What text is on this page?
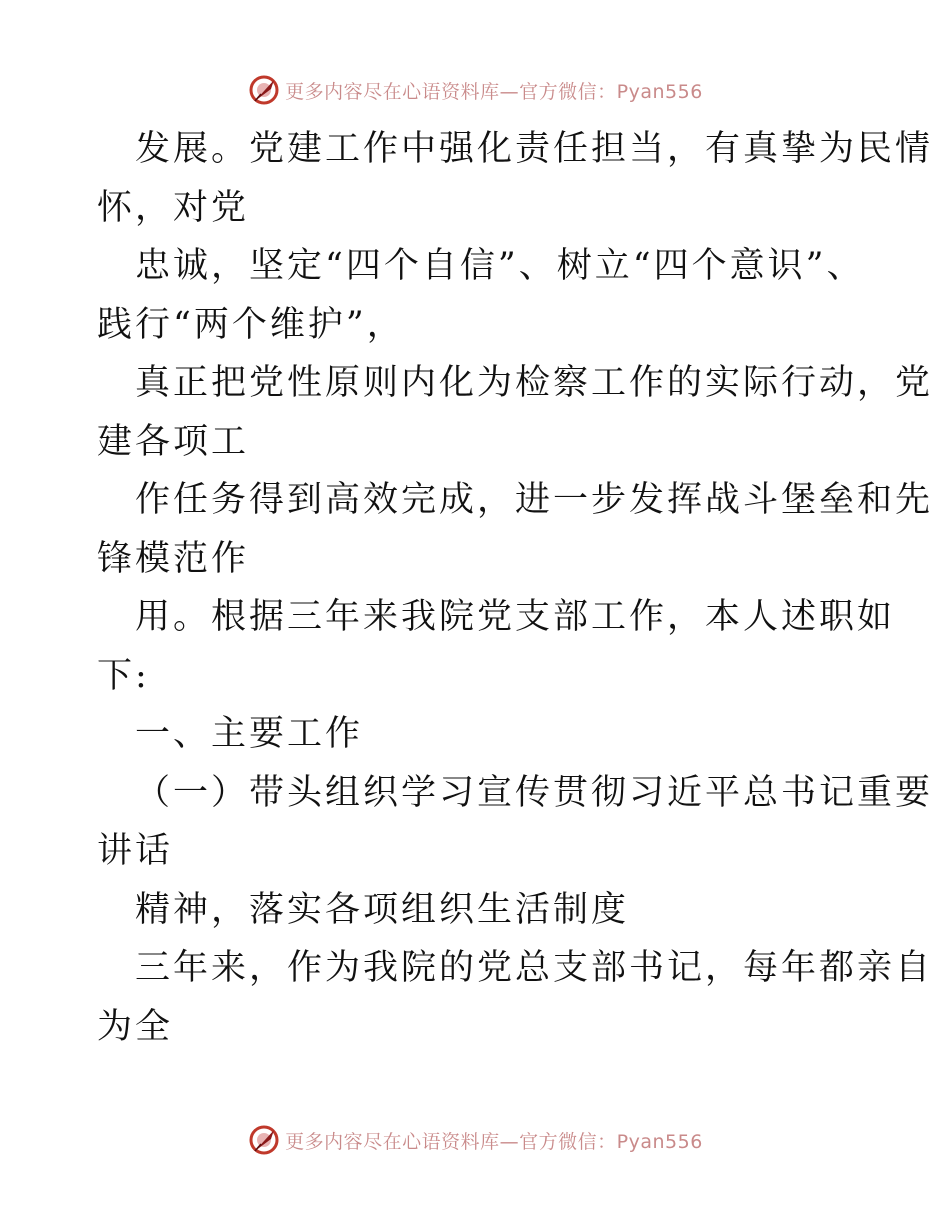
更多内容尽在心语资料库—官方微信：Pyan556
发展。党建工作中强化责任担当，有真挚为民情
怀，对党
忠诚，坚定“四个自信”、树立“四个意识”、
践行“两个维护”，
真正把党性原则内化为检察工作的实际行动，党
建各项工
作任务得到高效完成，进一步发挥战斗堡垒和先
锋模范作
用。根据三年来我院党支部工作，本人述职如
下:
一、主要工作
（一）带头组织学习宣传贯彻习近平总书记重要
讲话
精神，落实各项组织生活制度
三年来，作为我院的党总支部书记，每年都亲自
为全
更多内容尽在心语资料库—官方微信：Pyan556
